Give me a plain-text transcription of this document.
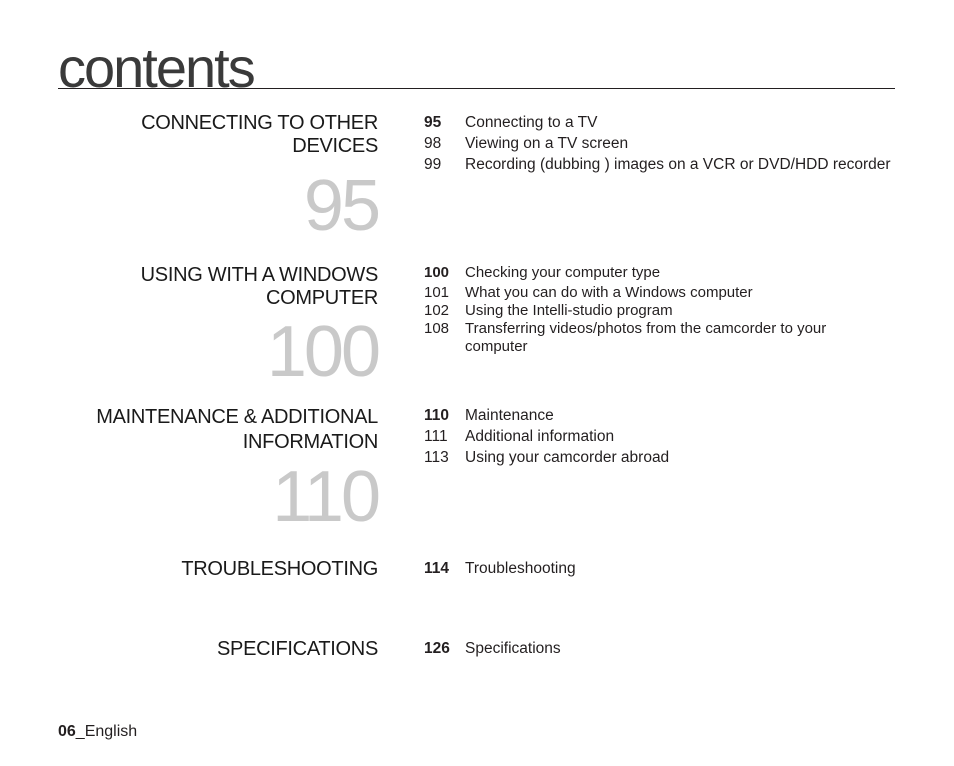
contents
CONNECTING TO OTHER
DEVICES
95
95	Connecting to a TV
98	Viewing on a TV screen
99	Recording (dubbing ) images on a VCR or DVD/HDD recorder
USING WITH A WINDOWS
COMPUTER
100
100	Checking your computer type
101	What you can do with a Windows computer
102	Using the Intelli-studio program
108	Transferring videos/photos from the camcorder to your computer
MAINTENANCE & ADDITIONAL
INFORMATION
110
110	Maintenance
111	Additional information
113	Using your camcorder abroad
TROUBLESHOOTING	114	Troubleshooting
SPECIFICATIONS	126 Specifications
06_English
